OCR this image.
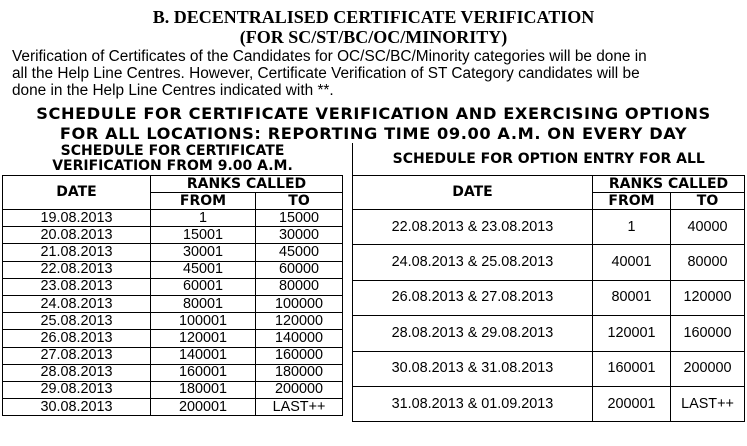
B. DECENTRALISED CERTIFICATE VERIFICATION
(FOR SC/ST/BC/OC/MINORITY)
Verification of Certificates of the Candidates for OC/SC/BC/Minority categories will be done in
all the Help Line Centres. However, Certificate Verification of ST Category candidates will be
done in the Help Line Centres indicated with **.
SCHEDULE FOR CERTIFICATE VERIFICATION AND EXERCISING OPTIONS
FOR ALL LOCATIONS: REPORTING TIME 09.00 A.M. ON EVERY DAY
SCHEDULE FOR CERTIFICATE
VERIFICATION FROM 9.00 A.M.		

DATE	RANKS CALLED	
	FROM	TO
19.08.2013	1	15000
20.08.2013	15001	30000
21.08.2013	30001	45000
22.08.2013	45001	60000
23.08.2013	60001	80000
24.08.2013	80001	100000
25.08.2013	100001	120000
26.08.2013	120001	140000
27.08.2013	140001	160000
28.08.2013	160001	180000
29.08.2013	180001	200000
30.08.2013	200001	LAST++
SCHEDULE FOR OPTION ENTRY FOR ALL		
DATE	RANKS CALLED	
	FROM	TO
22.08.2013 & 23.08.2013	1	40000
24.08.2013 & 25.08.2013	40001	80000
26.08.2013 & 27.08.2013	80001	120000
28.08.2013 & 29.08.2013	120001	160000
30.08.2013 & 31.08.2013	160001	200000
31.08.2013 & 01.09.2013	200001	LAST++
